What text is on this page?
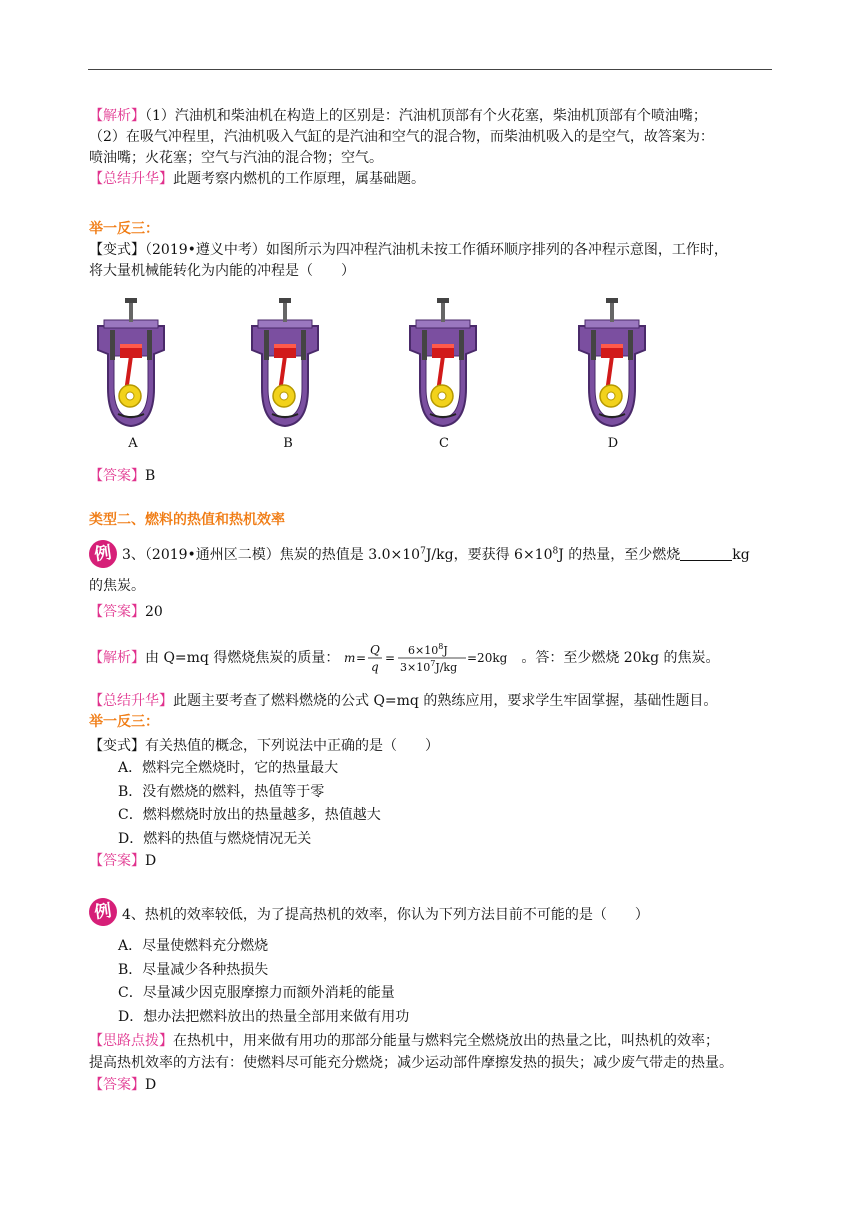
【解析】（1）汽油机和柴油机在构造上的区别是：汽油机顶部有个火花塞，柴油机顶部有个喷油嘴；
（2）在吸气冲程里，汽油机吸入气缸的是汽油和空气的混合物，而柴油机吸入的是空气，故答案为：
喷油嘴；火花塞；空气与汽油的混合物；空气。
【总结升华】此题考察内燃机的工作原理，属基础题。
举一反三：
【变式】（2019•遵义中考）如图所示为四冲程汽油机未按工作循环顺序排列的各冲程示意图，工作时，
将大量机械能转化为内能的冲程是（　　）
A	B	C	D
【答案】B
类型二、燃料的热值和热机效率
例 3、（2019•通州区二模）焦炭的热值是 $3.0\times 10^7J/kg$，要获得 $6\times 10^8J$ 的热量，至少燃烧	kg
的焦炭。
【答案】20
【解析】由 Q=mq 得燃烧焦炭的质量： m =
Q
q
=
$6\times 10^8J$
$3\times 10^7J/kg$
=20kg 。答：至少燃烧 20kg 的焦炭。
【总结升华】此题主要考查了燃料燃烧的公式 Q=mq 的熟练应用，要求学生牢固掌握，基础性题目。
举一反三：
【变式】有关热值的概念，下列说法中正确的是（　　）
A．燃料完全燃烧时，它的热量最大
B．没有燃烧的燃料，热值等于零
C．燃料燃烧时放出的热量越多，热值越大
D．燃料的热值与燃烧情况无关
【答案】D
例 4、热机的效率较低，为了提高热机的效率，你认为下列方法目前不可能的是（　　）
A．尽量使燃料充分燃烧
B．尽量减少各种热损失
C．尽量减少因克服摩擦力而额外消耗的能量
D．想办法把燃料放出的热量全部用来做有用功
【思路点拨】在热机中，用来做有用功的那部分能量与燃料完全燃烧放出的热量之比，叫热机的效率；
提高热机效率的方法有：使燃料尽可能充分燃烧；减少运动部件摩擦发热的损失；减少废气带走的热量。
【答案】D
